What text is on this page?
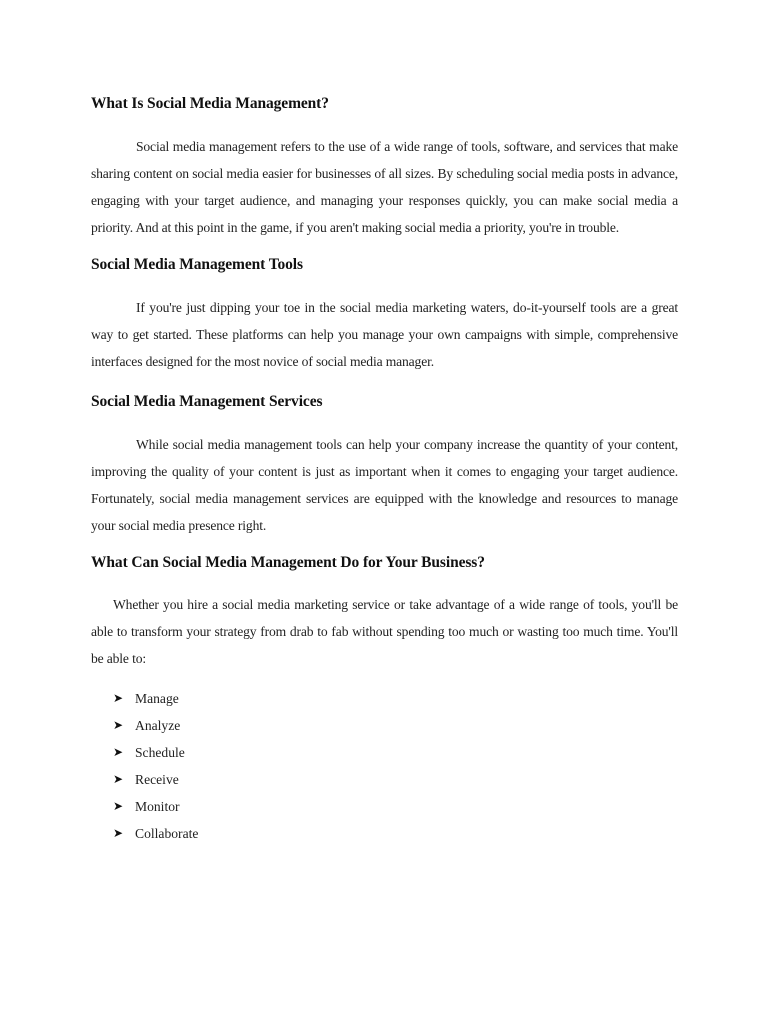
What Is Social Media Management?

Social media management refers to the use of a wide range of tools, software, and services that make sharing content on social media easier for businesses of all sizes. By scheduling social media posts in advance, engaging with your target audience, and managing your responses quickly, you can make social media a priority. And at this point in the game, if you aren't making social media a priority, you're in trouble.

Social Media Management Tools

If you're just dipping your toe in the social media marketing waters, do-it-yourself tools are a great way to get started. These platforms can help you manage your own campaigns with simple, comprehensive interfaces designed for the most novice of social media manager.

Social Media Management Services

While social media management tools can help your company increase the quantity of your content, improving the quality of your content is just as important when it comes to engaging your target audience. Fortunately, social media management services are equipped with the knowledge and resources to manage your social media presence right.

What Can Social Media Management Do for Your Business?

Whether you hire a social media marketing service or take advantage of a wide range of tools, you'll be able to transform your strategy from drab to fab without spending too much or wasting too much time. You'll be able to:

➤ Manage
➤ Analyze
➤ Schedule
➤ Receive
➤ Monitor
➤ Collaborate
